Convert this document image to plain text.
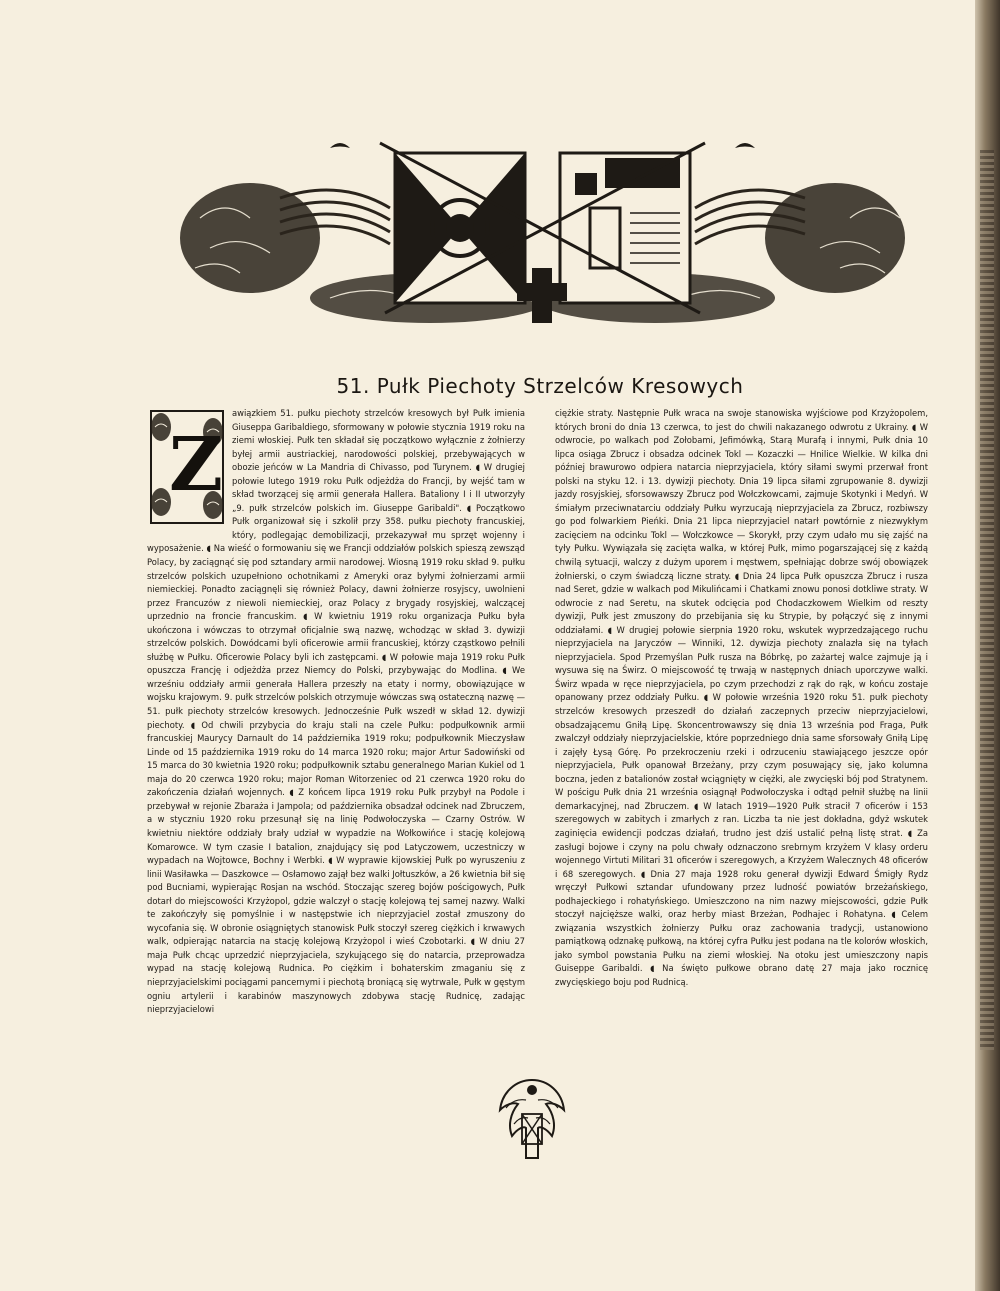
51. Pułk Piechoty Strzelców Kresowych
Z

awiązkiem 51. pułku piechoty strzelców kresowych był Pułk imienia Giuseppa Garibaldiego, sformowany w połowie stycznia 1919 roku na ziemi włoskiej. Pułk ten składał się początkowo wyłącznie z żołnierzy byłej armii austriackiej, narodowości polskiej, przebywających w obozie jeńców w La Mandria di Chivasso, pod Turynem. ◖ W drugiej połowie lutego 1919 roku Pułk odjeżdża do Francji, by wejść tam w skład tworzącej się armii generała Hallera. Bataliony I i II utworzyły „9. pułk strzelców polskich im. Giuseppe Garibaldi". ◖ Początkowo Pułk organizował się i szkolił przy 358. pułku piechoty francuskiej, który, podlegając demobilizacji, przekazywał mu sprzęt wojenny i wyposażenie. ◖ Na wieść o formowaniu się we Francji oddziałów polskich spieszą zewsząd Polacy, by zaciągnąć się pod sztandary armii narodowej. Wiosną 1919 roku skład 9. pułku strzelców polskich uzupełniono ochotnikami z Ameryki oraz byłymi żołnierzami armii niemieckiej. Ponadto zaciągnęli się również Polacy, dawni żołnierze rosyjscy, uwolnieni przez Francuzów z niewoli niemieckiej, oraz Polacy z brygady rosyjskiej, walczącej uprzednio na froncie francuskim. ◖ W kwietniu 1919 roku organizacja Pułku była ukończona i wówczas to otrzymał oficjalnie swą nazwę, wchodząc w skład 3. dywizji strzelców polskich. Dowódcami byli oficerowie armii francuskiej, którzy cząstkowo pełnili służbę w Pułku. Oficerowie Polacy byli ich zastępcami. ◖ W połowie maja 1919 roku Pułk opuszcza Francję i odjeżdża przez Niemcy do Polski, przybywając do Modlina. ◖ We wrześniu oddziały armii generała Hallera przeszły na etaty i normy, obowiązujące w wojsku krajowym. 9. pułk strzelców polskich otrzymuje wówczas swą ostateczną nazwę — 51. pułk piechoty strzelców kresowych. Jednocześnie Pułk wszedł w skład 12. dywizji piechoty. ◖ Od chwili przybycia do kraju stali na czele Pułku: podpułkownik armii francuskiej Maurycy Darnault do 14 października 1919 roku; podpułkownik Mieczysław Linde od 15 października 1919 roku do 14 marca 1920 roku; major Artur Sadowiński od 15 marca do 30 kwietnia 1920 roku; podpułkownik sztabu generalnego Marian Kukiel od 1 maja do 20 czerwca 1920 roku; major Roman Witorzeniec od 21 czerwca 1920 roku do zakończenia działań wojennych. ◖ Z końcem lipca 1919 roku Pułk przybył na Podole i przebywał w rejonie Zbaraża i Jampola; od października obsadzał odcinek nad Zbruczem, a w styczniu 1920 roku przesunął się na linię Podwołoczyska — Czarny Ostrów. W kwietniu niektóre oddziały brały udział w wypadzie na Wołkowińce i stację kolejową Komarowce. W tym czasie I batalion, znajdujący się pod Latyczowem, uczestniczy w wypadach na Wojtowce, Bochny i Werbki. ◖ W wyprawie kijowskiej Pułk po wyruszeniu z linii Wasiławka — Daszkowce — Osłamowo zajął bez walki Jołtuszków, a 26 kwietnia bił się pod Bucniami, wypierając Rosjan na wschód. Stoczając szereg bojów pościgowych, Pułk dotarł do miejscowości Krzyżopol, gdzie walczył o stację kolejową tej samej nazwy. Walki te zakończyły się pomyślnie i w następstwie ich nieprzyjaciel został zmuszony do wycofania się. W obronie osiągniętych stanowisk Pułk stoczył szereg ciężkich i krwawych walk, odpierając natarcia na stację kolejową Krzyżopol i wieś Czobotarki. ◖ W dniu 27 maja Pułk chcąc uprzedzić nieprzyjaciela, szykującego się do natarcia, przeprowadza wypad na stację kolejową Rudnica. Po ciężkim i bohaterskim zmaganiu się z nieprzyjacielskimi pociągami pancernymi i piechotą broniącą się wytrwale, Pułk w gęstym ogniu artylerii i karabinów maszynowych zdobywa stację Rudnicę, zadając nieprzyjacielowi

ciężkie straty. Następnie Pułk wraca na swoje stanowiska wyjściowe pod Krzyżopolem, których broni do dnia 13 czerwca, to jest do chwili nakazanego odwrotu z Ukrainy. ◖ W odwrocie, po walkach pod Zołobami, Jefimówką, Starą Murafą i innymi, Pułk dnia 10 lipca osiąga Zbrucz i obsadza odcinek Tokl — Kozaczki — Hnilice Wielkie. W kilka dni później brawurowo odpiera natarcia nieprzyjaciela, który siłami swymi przerwał front polski na styku 12. i 13. dywizji piechoty. Dnia 19 lipca siłami zgrupowanie 8. dywizji jazdy rosyjskiej, sforsowawszy Zbrucz pod Wołczkowcami, zajmuje Skotynki i Medyń. W śmiałym przeciwnatarciu oddziały Pułku wyrzucają nieprzyjaciela za Zbrucz, rozbiwszy go pod folwarkiem Pieńki. Dnia 21 lipca nieprzyjaciel natarł powtórnie z niezwykłym zacięciem na odcinku Tokl — Wołczkowce — Skorykł, przy czym udało mu się zajść na tyły Pułku. Wywiązała się zacięta walka, w której Pułk, mimo pogarszającej się z każdą chwilą sytuacji, walczy z dużym uporem i męstwem, spełniając dobrze swój obowiązek żołnierski, o czym świadczą liczne straty. ◖ Dnia 24 lipca Pułk opuszcza Zbrucz i rusza nad Seret, gdzie w walkach pod Mikulińcami i Chatkami znowu ponosi dotkliwe straty. W odwrocie z nad Seretu, na skutek odcięcia pod Chodaczkowem Wielkim od reszty dywizji, Pułk jest zmuszony do przebijania się ku Strypie, by połączyć się z innymi oddziałami. ◖ W drugiej połowie sierpnia 1920 roku, wskutek wyprzedzającego ruchu nieprzyjaciela na Jaryczów — Winniki, 12. dywizja piechoty znalazła się na tyłach nieprzyjaciela. Spod Przemyślan Pułk rusza na Bóbrkę, po zażartej walce zajmuje ją i wysuwa się na Świrz. O miejscowość tę trwają w następnych dniach uporczywe walki. Świrz wpada w ręce nieprzyjaciela, po czym przechodzi z rąk do rąk, w końcu zostaje opanowany przez oddziały Pułku. ◖ W połowie września 1920 roku 51. pułk piechoty strzelców kresowych przeszedł do działań zaczepnych przeciw nieprzyjacielowi, obsadzającemu Gniłą Lipę. Skoncentrowawszy się dnia 13 września pod Fraga, Pułk zwalczył oddziały nieprzyjacielskie, które poprzedniego dnia same sforsowały Gniłą Lipę i zajęły Łysą Górę. Po przekroczeniu rzeki i odrzuceniu stawiającego jeszcze opór nieprzyjaciela, Pułk opanował Brzeżany, przy czym posuwający się, jako kolumna boczna, jeden z batalionów został wciągnięty w ciężki, ale zwycięski bój pod Stratynem. W pościgu Pułk dnia 21 września osiągnął Podwołoczyska i odtąd pełnił służbę na linii demarkacyjnej, nad Zbruczem. ◖ W latach 1919—1920 Pułk stracił 7 oficerów i 153 szeregowych w zabitych i zmarłych z ran. Liczba ta nie jest dokładna, gdyż wskutek zaginięcia ewidencji podczas działań, trudno jest dziś ustalić pełną listę strat. ◖ Za zasługi bojowe i czyny na polu chwały odznaczono srebrnym krzyżem V klasy orderu wojennego Virtuti Militari 31 oficerów i szeregowych, a Krzyżem Walecznych 48 oficerów i 68 szeregowych. ◖ Dnia 27 maja 1928 roku generał dywizji Edward Śmigły Rydz wręczył Pułkowi sztandar ufundowany przez ludność powiatów brzeżańskiego, podhajeckiego i rohatyńskiego. Umieszczono na nim nazwy miejscowości, gdzie Pułk stoczył najcięższe walki, oraz herby miast Brzeżan, Podhajec i Rohatyna. ◖ Celem związania wszystkich żołnierzy Pułku oraz zachowania tradycji, ustanowiono pamiątkową odznakę pułkową, na której cyfra Pułku jest podana na tle kolorów włoskich, jako symbol powstania Pułku na ziemi włoskiej. Na otoku jest umieszczony napis Guiseppe Garibaldi. ◖ Na święto pułkowe obrano datę 27 maja jako rocznicę zwycięskiego boju pod Rudnicą.
